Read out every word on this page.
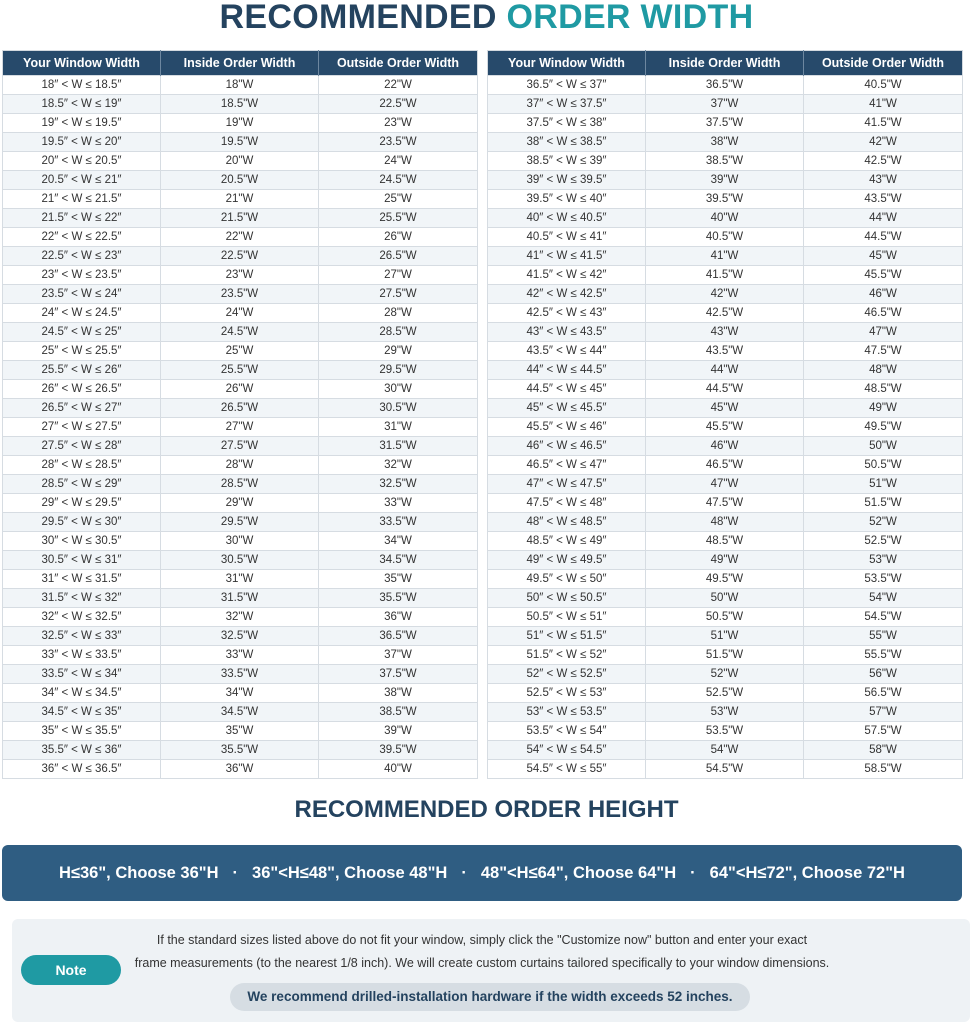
RECOMMENDED ORDER WIDTH
Your Window Width	Inside Order Width	Outside Order Width
18″ < W ≤ 18.5″	18"W	22"W
18.5″ < W ≤ 19″	18.5"W	22.5"W
19″ < W ≤ 19.5″	19"W	23"W
19.5″ < W ≤ 20″	19.5"W	23.5"W
20″ < W ≤ 20.5″	20"W	24"W
20.5″ < W ≤ 21″	20.5"W	24.5"W
21″ < W ≤ 21.5″	21"W	25"W
21.5″ < W ≤ 22″	21.5"W	25.5"W
22″ < W ≤ 22.5″	22"W	26"W
22.5″ < W ≤ 23″	22.5"W	26.5"W
23″ < W ≤ 23.5″	23"W	27"W
23.5″ < W ≤ 24″	23.5"W	27.5"W
24″ < W ≤ 24.5″	24"W	28"W
24.5″ < W ≤ 25″	24.5"W	28.5"W
25″ < W ≤ 25.5″	25"W	29"W
25.5″ < W ≤ 26″	25.5"W	29.5"W
26″ < W ≤ 26.5″	26"W	30"W
26.5″ < W ≤ 27″	26.5"W	30.5"W
27″ < W ≤ 27.5″	27"W	31"W
27.5″ < W ≤ 28″	27.5"W	31.5"W
28″ < W ≤ 28.5″	28"W	32"W
28.5″ < W ≤ 29″	28.5"W	32.5"W
29″ < W ≤ 29.5″	29"W	33"W
29.5″ < W ≤ 30″	29.5"W	33.5"W
30″ < W ≤ 30.5″	30"W	34"W
30.5″ < W ≤ 31″	30.5"W	34.5"W
31″ < W ≤ 31.5″	31"W	35"W
31.5″ < W ≤ 32″	31.5"W	35.5"W
32″ < W ≤ 32.5″	32"W	36"W
32.5″ < W ≤ 33″	32.5"W	36.5"W
33″ < W ≤ 33.5″	33"W	37"W
33.5″ < W ≤ 34″	33.5"W	37.5"W
34″ < W ≤ 34.5″	34"W	38"W
34.5″ < W ≤ 35″	34.5"W	38.5"W
35″ < W ≤ 35.5″	35"W	39"W
35.5″ < W ≤ 36″	35.5"W	39.5"W
36″ < W ≤ 36.5″	36"W	40"W
Your Window Width	Inside Order Width	Outside Order Width
36.5″ < W ≤ 37″	36.5"W	40.5"W
37″ < W ≤ 37.5″	37"W	41"W
37.5″ < W ≤ 38″	37.5"W	41.5"W
38″ < W ≤ 38.5″	38"W	42"W
38.5″ < W ≤ 39″	38.5"W	42.5"W
39″ < W ≤ 39.5″	39"W	43"W
39.5″ < W ≤ 40″	39.5"W	43.5"W
40″ < W ≤ 40.5″	40"W	44"W
40.5″ < W ≤ 41″	40.5"W	44.5"W
41″ < W ≤ 41.5″	41"W	45"W
41.5″ < W ≤ 42″	41.5"W	45.5"W
42″ < W ≤ 42.5″	42"W	46"W
42.5″ < W ≤ 43″	42.5"W	46.5"W
43″ < W ≤ 43.5″	43"W	47"W
43.5″ < W ≤ 44″	43.5"W	47.5"W
44″ < W ≤ 44.5″	44"W	48"W
44.5″ < W ≤ 45″	44.5"W	48.5"W
45″ < W ≤ 45.5″	45"W	49"W
45.5″ < W ≤ 46″	45.5"W	49.5"W
46″ < W ≤ 46.5″	46"W	50"W
46.5″ < W ≤ 47″	46.5"W	50.5"W
47″ < W ≤ 47.5″	47"W	51"W
47.5″ < W ≤ 48″	47.5"W	51.5"W
48″ < W ≤ 48.5″	48"W	52"W
48.5″ < W ≤ 49″	48.5"W	52.5"W
49″ < W ≤ 49.5″	49"W	53"W
49.5″ < W ≤ 50″	49.5"W	53.5"W
50″ < W ≤ 50.5″	50"W	54"W
50.5″ < W ≤ 51″	50.5"W	54.5"W
51″ < W ≤ 51.5″	51"W	55"W
51.5″ < W ≤ 52″	51.5"W	55.5"W
52″ < W ≤ 52.5″	52"W	56"W
52.5″ < W ≤ 53″	52.5"W	56.5"W
53″ < W ≤ 53.5″	53"W	57"W
53.5″ < W ≤ 54″	53.5"W	57.5"W
54″ < W ≤ 54.5″	54"W	58"W
54.5″ < W ≤ 55″	54.5"W	58.5"W
RECOMMENDED ORDER HEIGHT
H≤36", Choose 36"H · 36"<H≤48", Choose 48"H · 48"<H≤64", Choose 64"H · 64"<H≤72", Choose 72"H
Note
If the standard sizes listed above do not fit your window, simply click the "Customize now" button and enter your exact
frame measurements (to the nearest 1/8 inch). We will create custom curtains tailored specifically to your window dimensions.
We recommend drilled-installation hardware if the width exceeds 52 inches.
